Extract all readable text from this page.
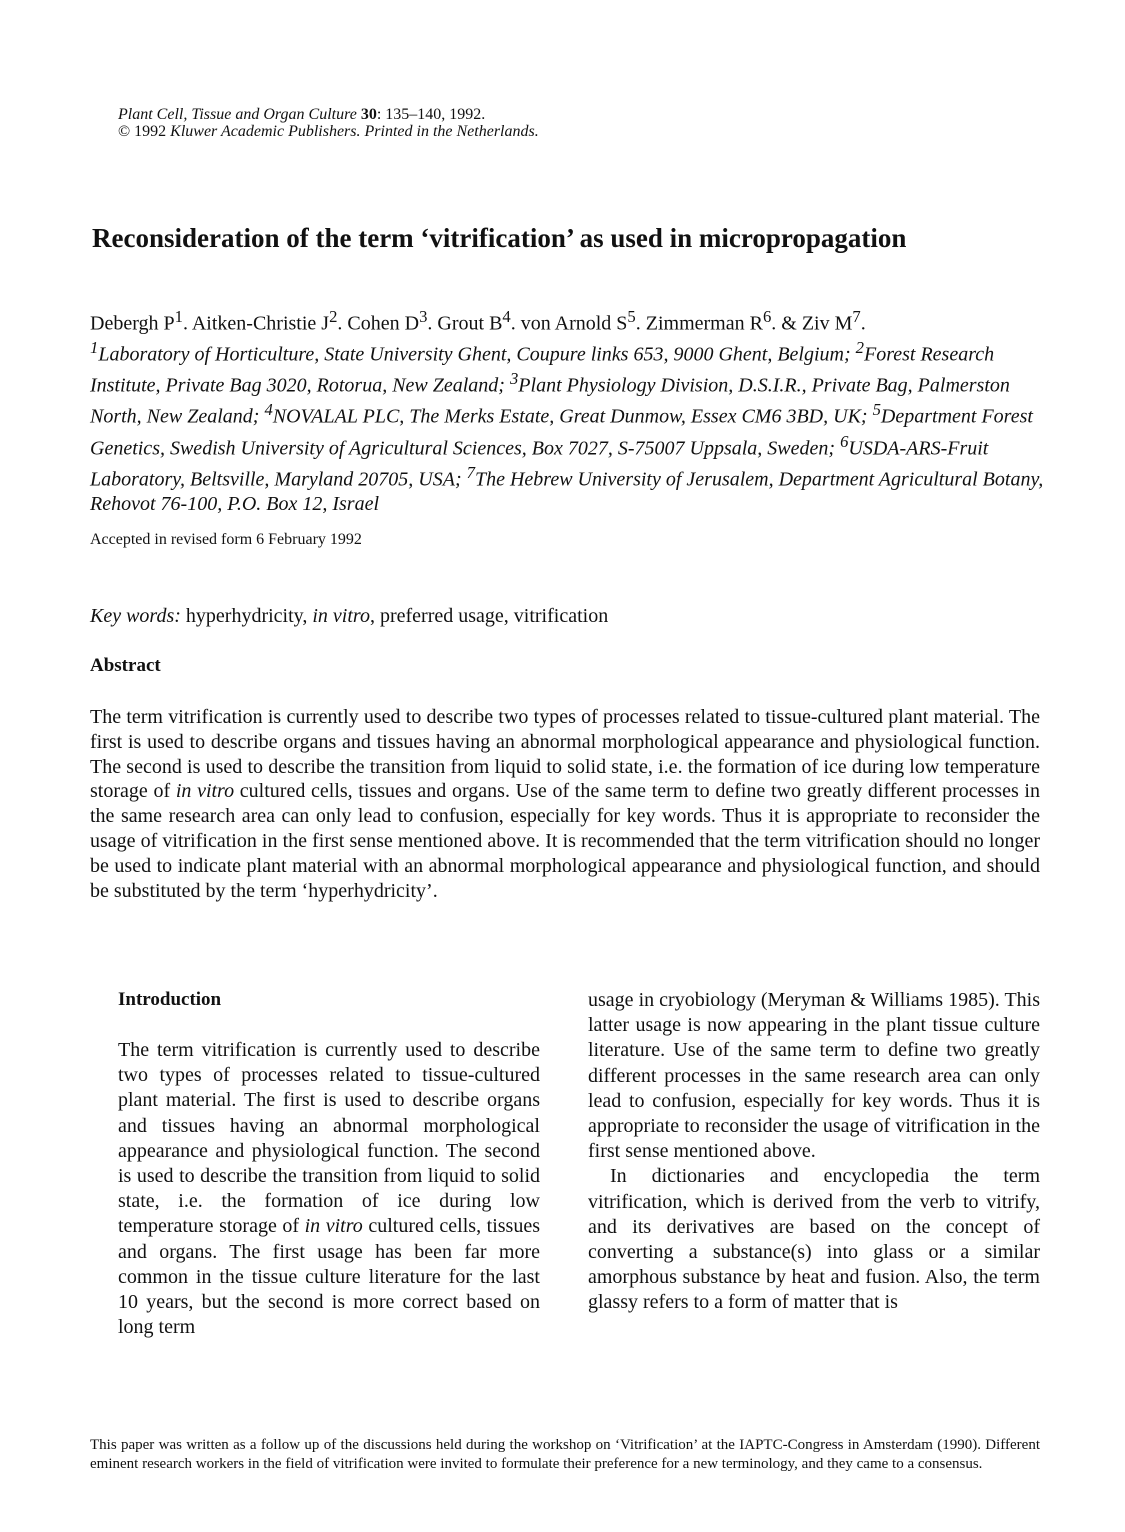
Plant Cell, Tissue and Organ Culture 30: 135–140, 1992.
© 1992 Kluwer Academic Publishers. Printed in the Netherlands.
Reconsideration of the term ‘vitrification’ as used in micropropagation
Debergh $P^1$. Aitken-Christie $J^2$. Cohen $D^3$. Grout $B^4$. von Arnold $S^5$. Zimmerman $R^6$. & Ziv $M^7$.
$^1$Laboratory of Horticulture, State University Ghent, Coupure links 653, 9000 Ghent, Belgium; $^2$Forest Research Institute, Private Bag 3020, Rotorua, New Zealand; $^3$Plant Physiology Division, D.S.I.R., Private Bag, Palmerston North, New Zealand; $^4$NOVALAL PLC, The Merks Estate, Great Dunmow, Essex CM6 3BD, UK; $^5$Department Forest Genetics, Swedish University of Agricultural Sciences, Box 7027, S-75007 Uppsala, Sweden; $^6$USDA-ARS-Fruit Laboratory, Beltsville, Maryland 20705, USA; $^7$The Hebrew University of Jerusalem, Department Agricultural Botany, Rehovot 76-100, P.O. Box 12, Israel
Accepted in revised form 6 February 1992
Key words: hyperhydricity, in vitro, preferred usage, vitrification
Abstract
The term vitrification is currently used to describe two types of processes related to tissue-cultured plant material. The first is used to describe organs and tissues having an abnormal morphological appearance and physiological function. The second is used to describe the transition from liquid to solid state, i.e. the formation of ice during low temperature storage of in vitro cultured cells, tissues and organs. Use of the same term to define two greatly different processes in the same research area can only lead to confusion, especially for key words. Thus it is appropriate to reconsider the usage of vitrification in the first sense mentioned above. It is recommended that the term vitrification should no longer be used to indicate plant material with an abnormal morphological appearance and physiological function, and should be substituted by the term ‘hyperhydricity’.
Introduction
The term vitrification is currently used to describe two types of processes related to tissue-cultured plant material. The first is used to describe organs and tissues having an abnormal morphological appearance and physiological function. The second is used to describe the transition from liquid to solid state, i.e. the formation of ice during low temperature storage of in vitro cultured cells, tissues and organs. The first usage has been far more common in the tissue culture literature for the last 10 years, but the second is more correct based on long term

usage in cryobiology (Meryman & Williams 1985). This latter usage is now appearing in the plant tissue culture literature. Use of the same term to define two greatly different processes in the same research area can only lead to confusion, especially for key words. Thus it is appropriate to reconsider the usage of vitrification in the first sense mentioned above.

In dictionaries and encyclopedia the term vitrification, which is derived from the verb to vitrify, and its derivatives are based on the concept of converting a substance(s) into glass or a similar amorphous substance by heat and fusion. Also, the term glassy refers to a form of matter that is

This paper was written as a follow up of the discussions held during the workshop on ‘Vitrification’ at the IAPTC-Congress in Amsterdam (1990). Different eminent research workers in the field of vitrification were invited to formulate their preference for a new terminology, and they came to a consensus.
